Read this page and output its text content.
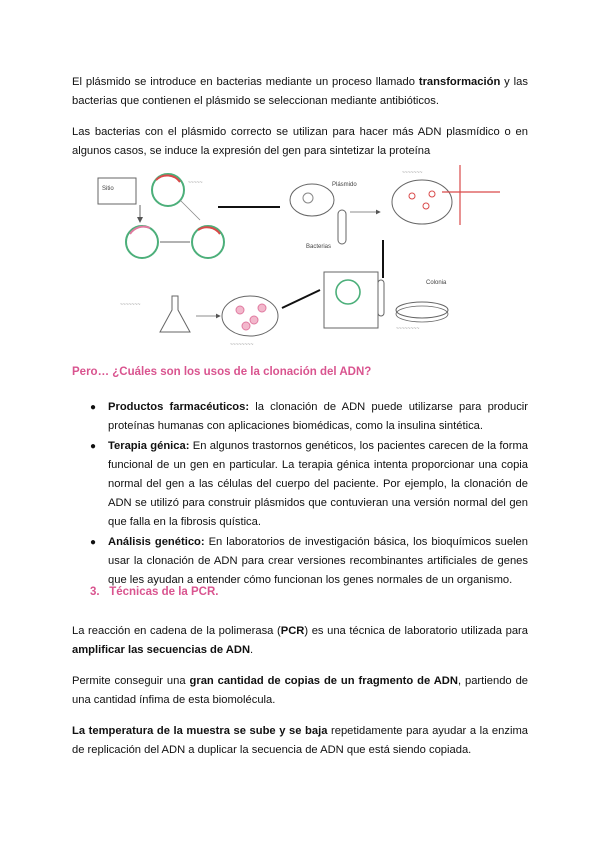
El plásmido se introduce en bacterias mediante un proceso llamado transformación y las bacterias que contienen el plásmido se seleccionan mediante antibióticos.
Las bacterias con el plásmido correcto se utilizan para hacer más ADN plasmídico o en algunos casos, se induce la expresión del gen para sintetizar la proteína
Sitio
~~~~~	Plásmido
Bacterias
~~~~~~~
Colonia
~~~~~~~~
~~~~~~~~
~~~~~~~
Pero… ¿Cuáles son los usos de la clonación del ADN?
● Productos farmacéuticos: la clonación de ADN puede utilizarse para producir proteínas humanas con aplicaciones biomédicas, como la insulina sintética.
● Terapia génica: En algunos trastornos genéticos, los pacientes carecen de la forma funcional de un gen en particular. La terapia génica intenta proporcionar una copia normal del gen a las células del cuerpo del paciente. Por ejemplo, la clonación de ADN se utilizó para construir plásmidos que contuvieran una versión normal del gen que falla en la fibrosis quística.
● Análisis genético: En laboratorios de investigación básica, los bioquímicos suelen usar la clonación de ADN para crear versiones recombinantes artificiales de genes que les ayudan a entender cómo funcionan los genes normales de un organismo.
3. Técnicas de la PCR.
La reacción en cadena de la polimerasa (PCR) es una técnica de laboratorio utilizada para amplificar las secuencias de ADN.
Permite conseguir una gran cantidad de copias de un fragmento de ADN, partiendo de una cantidad ínfima de esta biomolécula.
La temperatura de la muestra se sube y se baja repetidamente para ayudar a la enzima de replicación del ADN a duplicar la secuencia de ADN que está siendo copiada.
